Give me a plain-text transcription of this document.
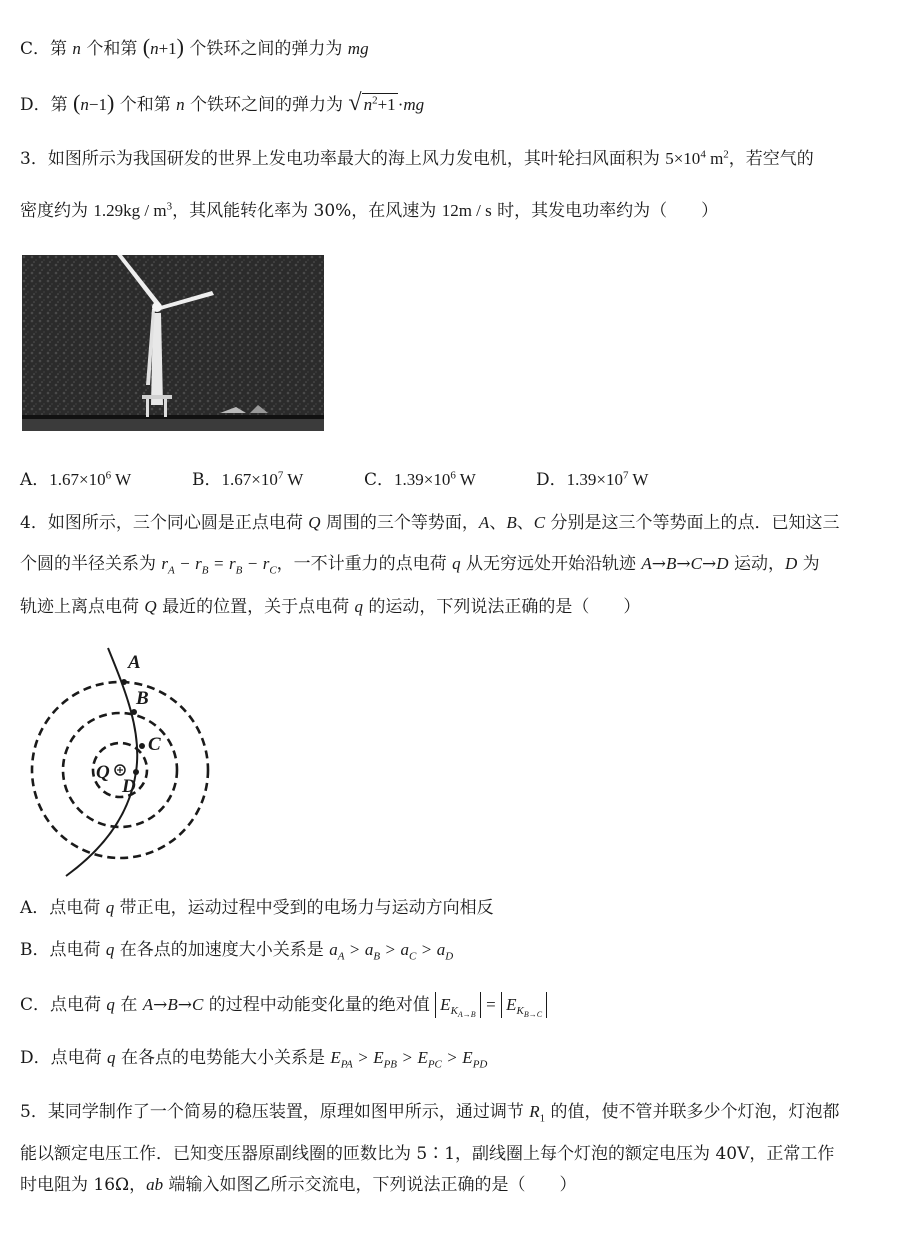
C．第 n 个和第 (n+1) 个铁环之间的弹力为 mg
D．第 (n−1) 个和第 n 个铁环之间的弹力为 √ $n^2+1 \cdot mg$
3．如图所示为我国研发的世界上发电功率最大的海上风力发电机，其叶轮扫风面积为 $5\times 10^4$ $m^2$，若空气的
密度约为 $1.29kg / m^3$，其风能转化率为 30%，在风速为 12m / s 时，其发电功率约为（　　）
A．$1.67\times 10^6$ W	B．$1.67\times 10^7$ W	C．$1.39\times 10^6$ W	D．$1.39\times 10^7$ W
4．如图所示，三个同心圆是正点电荷 Q 周围的三个等势面，A、B、C 分别是这三个等势面上的点．已知这三
个圆的半径关系为 $r_A - r_B = r_B - r_C$，一不计重力的点电荷 q 从无穷远处开始沿轨迹 A→B→C→D 运动，D 为
轨迹上离点电荷 Q 最近的位置，关于点电荷 q 的运动，下列说法正确的是（　　）
A
B
C
Q
D
A．点电荷 q 带正电，运动过程中受到的电场力与运动方向相反
B．点电荷 q 在各点的加速度大小关系是 $a_A > a_B > a_C > a_D$
C．点电荷 q 在 A→B→C 的过程中动能变化量的绝对值 $E_{K_{A\to B}} = E_{K_{B\to C}}$
D．点电荷 q 在各点的电势能大小关系是 $E_{PA} > E_{PB} > E_{PC} > E_{PD}$
5．某同学制作了一个简易的稳压装置，原理如图甲所示，通过调节 $R_1$ 的值，使不管并联多少个灯泡，灯泡都
能以额定电压工作．已知变压器原副线圈的匝数比为 5∶1，副线圈上每个灯泡的额定电压为 40V，正常工作
时电阻为 16Ω，ab 端输入如图乙所示交流电，下列说法正确的是（　　）
